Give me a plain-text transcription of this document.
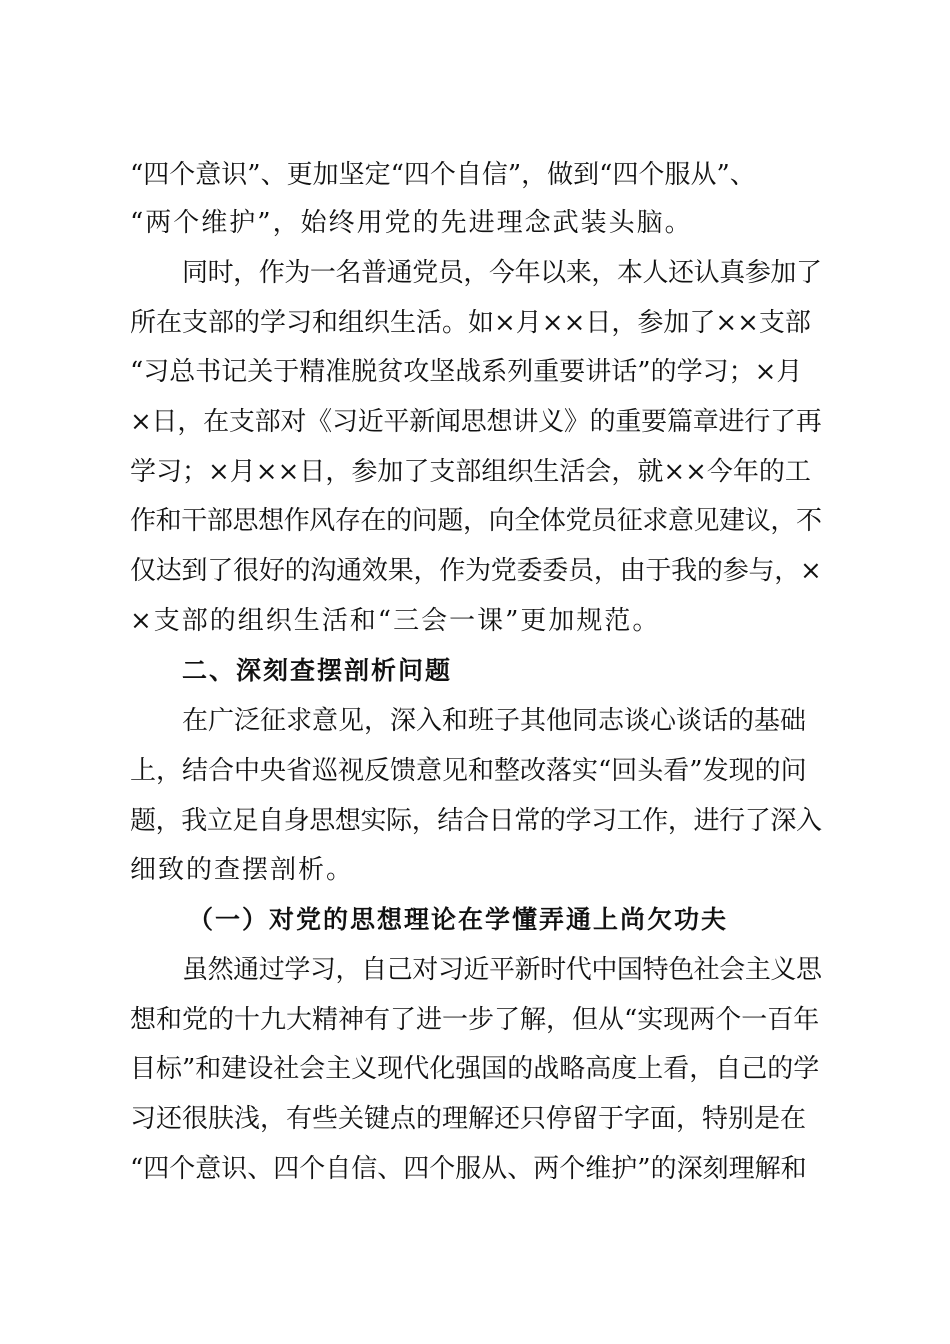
“四个意识”、更加坚定“四个自信”，做到“四个服从”、
“两个维护”，始终用党的先进理念武装头脑。
同时，作为一名普通党员，今年以来，本人还认真参加了
所在支部的学习和组织生活。如×月××日，参加了××支部
“习总书记关于精准脱贫攻坚战系列重要讲话”的学习；×月
×日，在支部对《习近平新闻思想讲义》的重要篇章进行了再
学习；×月××日，参加了支部组织生活会，就××今年的工
作和干部思想作风存在的问题，向全体党员征求意见建议，不
仅达到了很好的沟通效果，作为党委委员，由于我的参与，×
×支部的组织生活和“三会一课”更加规范。
二、深刻查摆剖析问题
在广泛征求意见，深入和班子其他同志谈心谈话的基础
上，结合中央省巡视反馈意见和整改落实“回头看”发现的问
题，我立足自身思想实际，结合日常的学习工作，进行了深入
细致的查摆剖析。
（一）对党的思想理论在学懂弄通上尚欠功夫
虽然通过学习，自己对习近平新时代中国特色社会主义思
想和党的十九大精神有了进一步了解，但从“实现两个一百年
目标”和建设社会主义现代化强国的战略高度上看，自己的学
习还很肤浅，有些关键点的理解还只停留于字面，特别是在
“四个意识、四个自信、四个服从、两个维护”的深刻理解和
